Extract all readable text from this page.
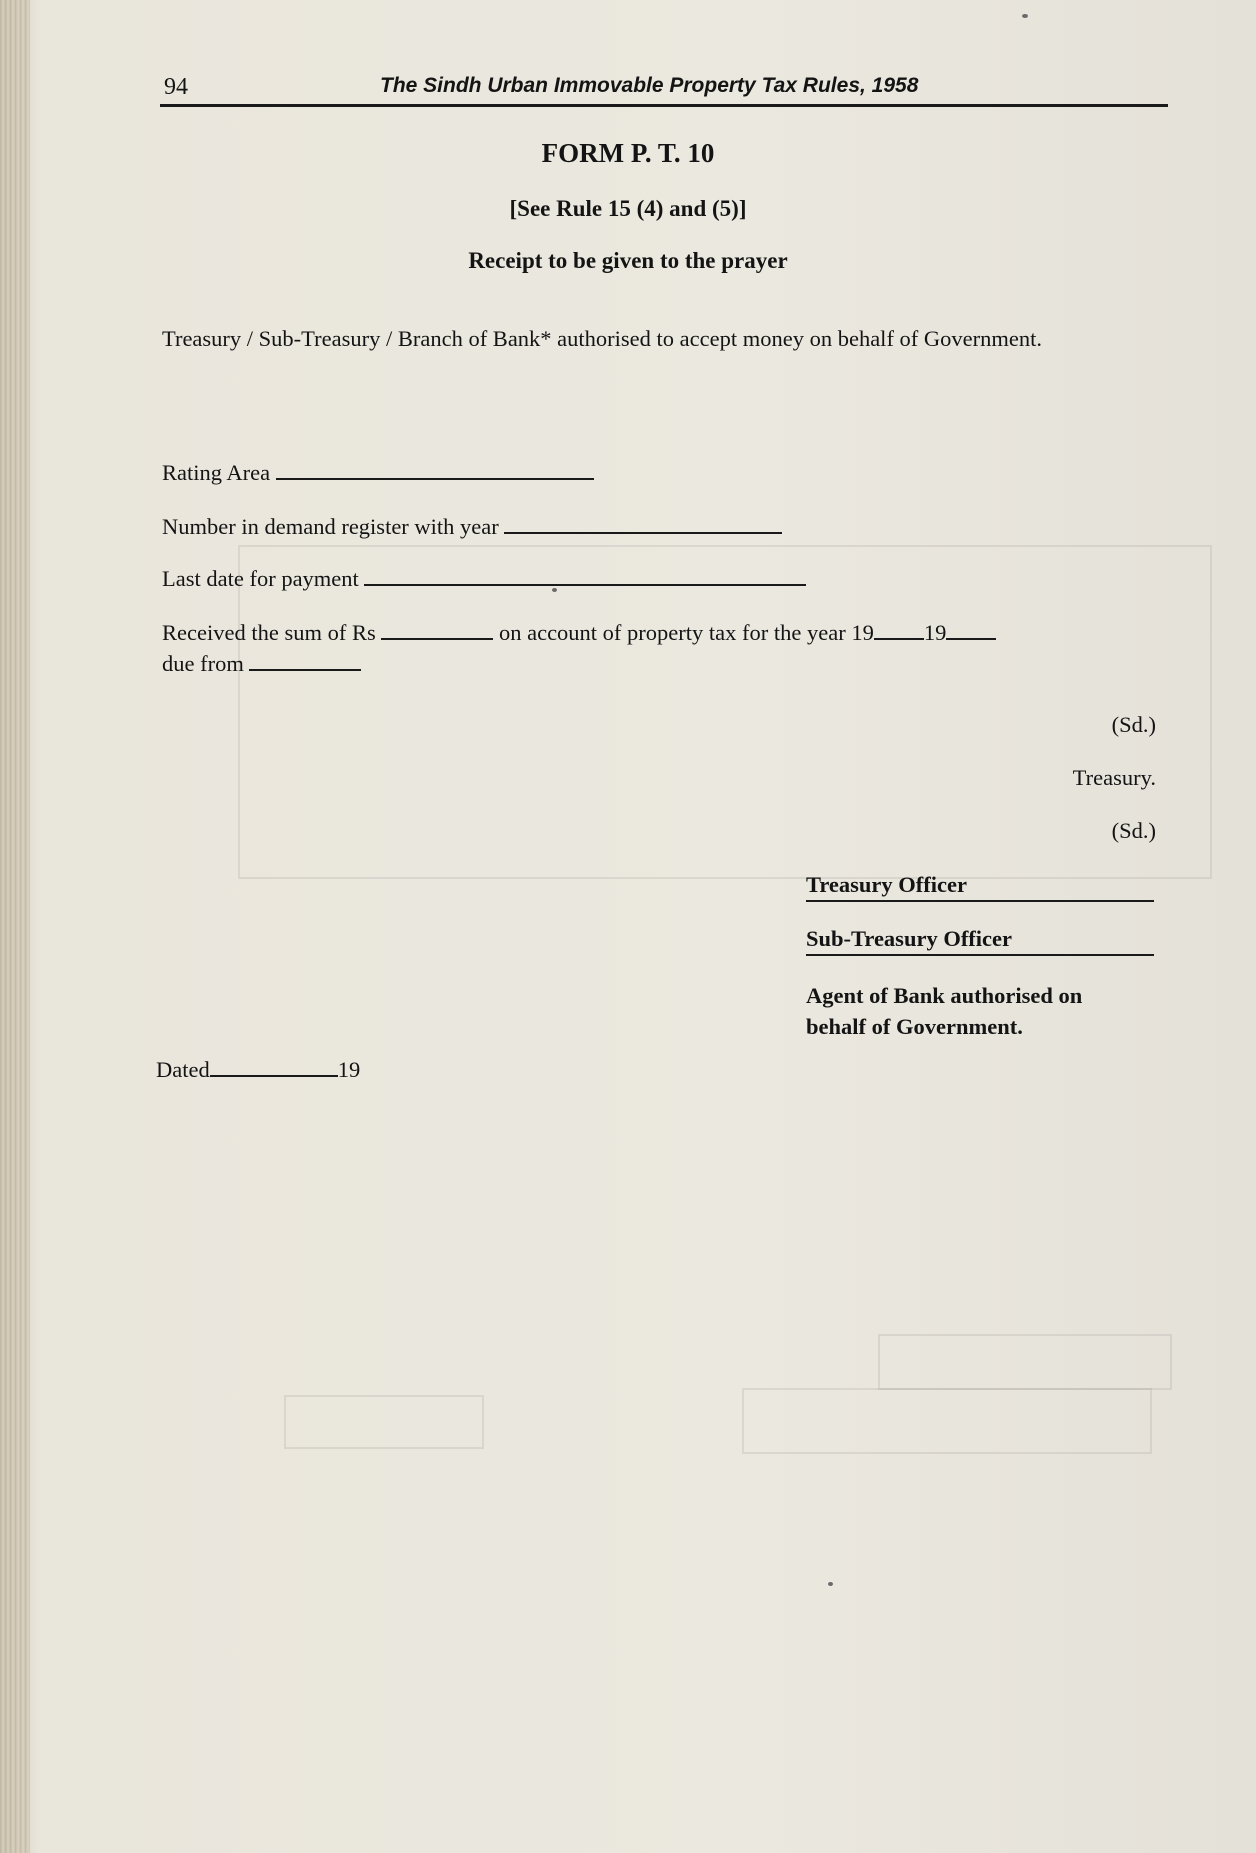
94	The Sindh Urban Immovable Property Tax Rules, 1958
FORM P. T. 10
[See Rule 15 (4) and (5)]
Receipt to be given to the prayer
Treasury / Sub-Treasury / Branch of Bank* authorised to accept money on behalf of Government.
Rating Area
Number in demand register with year
Last date for payment
Received the sum of Rs	on account of property tax for the year 19 19
due from
(Sd.)
Treasury.
(Sd.)
Treasury Officer
Sub-Treasury Officer
Agent of Bank authorised on
behalf of Government.
Dated	19
